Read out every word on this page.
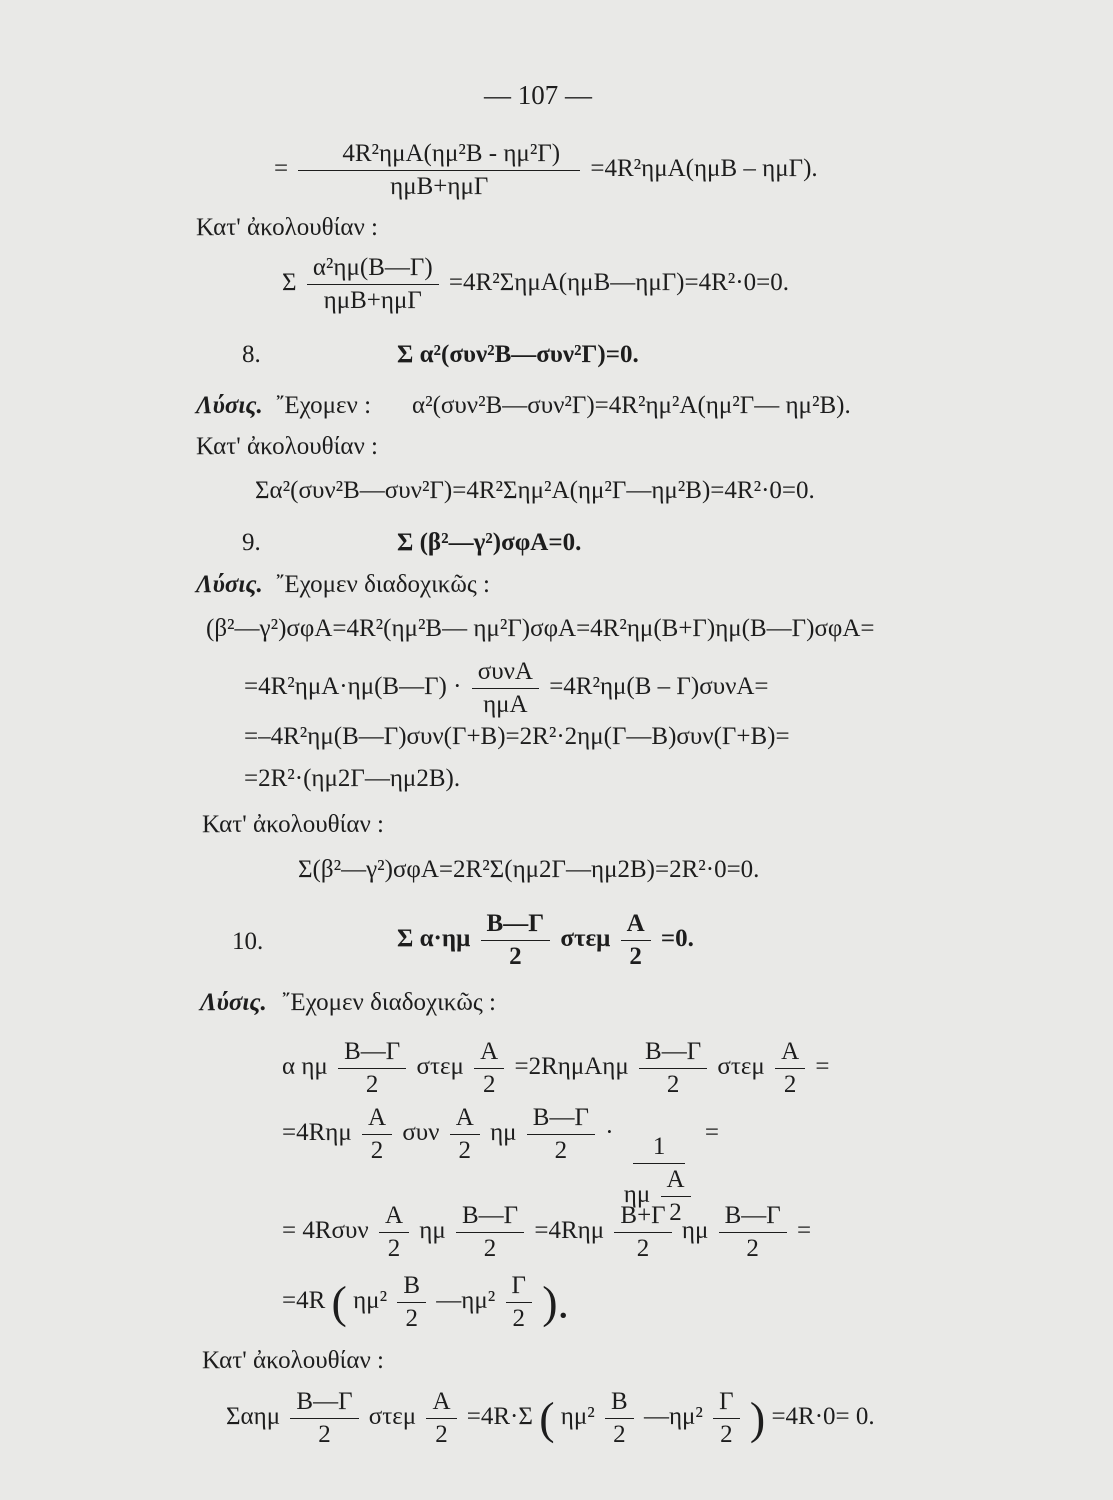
— 107 —
= $\frac{\text{4R²ημA(ημ²B - ημ²Γ)}}{\text{ημB+ημΓ}} =4R^2\eta\mu A(\eta\mu B - \eta\mu\Gamma)$.
Κατ' ἀκολουθίαν :
Σ $\frac{\text{α²ημ(B—Γ)}}{\text{ημB+ημΓ}}$ =4R²ΣημA(ημB—ημΓ)=4R²·0=0.
8.	Σ α²(συν²B—συν²Γ)=0.
Λύσις. ῎Εχομεν : α²(συν²B—συν²Γ)=4R²ημ²A(ημ²Γ— ημ²B).
Κατ' ἀκολουθίαν :
Σα²(συν²B—συν²Γ)=4R²Σημ²A(ημ²Γ—ημ²B)=4R²·0=0.
9.	Σ (β²—γ²)σφA=0.
Λύσις. ῎Εχομεν διαδοχικῶς :
(β²—γ²)σφA=4R²(ημ²B— ημ²Γ)σφA=4R²ημ(B+Γ)ημ(B—Γ)σφA=
=4R²ημA·ημ(B—Γ) · $\frac{\text{συνA}}{\text{ημA}} =4R^2\eta\mu(B - \Gamma)\sigma\upsilon\nu A=$
=–4R²ημ(B—Γ)συν(Γ+B)=2R²·2ημ(Γ—B)συν(Γ+B)=
=2R²·(ημ2Γ—ημ2B).
Κατ' ἀκολουθίαν :
Σ(β²—γ²)σφA=2R²Σ(ημ2Γ—ημ2B)=2R²·0=0.
10.	Σ $\alpha\cdot\eta\mu \frac{B—\Gamma}{2}$ στεμ $\frac{A}{2} =0$.
Λύσις. ῎Εχομεν διαδοχικῶς :
α ημ $\frac{B—\Gamma}{2}$ στεμ $\frac{A}{2} =2R\eta\mu A\eta\mu \frac{B—\Gamma}{2}$ στεμ $\frac{A}{2}$ =
$=4R\eta\mu \frac{A}{2}$ συν $\frac{A}{2}$ ημ $\frac{B—\Gamma}{2}$ ·
$\frac{1}{\eta\mu \frac{A}{2}}$
=
= $4R\sigma\upsilon\nu \frac{A}{2}$ ημ $\frac{B—\Gamma}{2} =4R\eta\mu \frac{B+\Gamma}{2}$ ημ $\frac{B—\Gamma}{2}$ =
=4R ( $\eta\mu^2 \frac{B}{2}$ —ημ² $\frac{\Gamma}{2}$ ).
Κατ' ἀκολουθίαν :
Σαημ $\frac{B—\Gamma}{2}$ στεμ $\frac{A}{2} =4R\cdot\Sigma$ ( $\eta\mu^2 \frac{B}{2}$ —ημ² $\frac{\Gamma}{2}$ ) =4R·0= 0.
